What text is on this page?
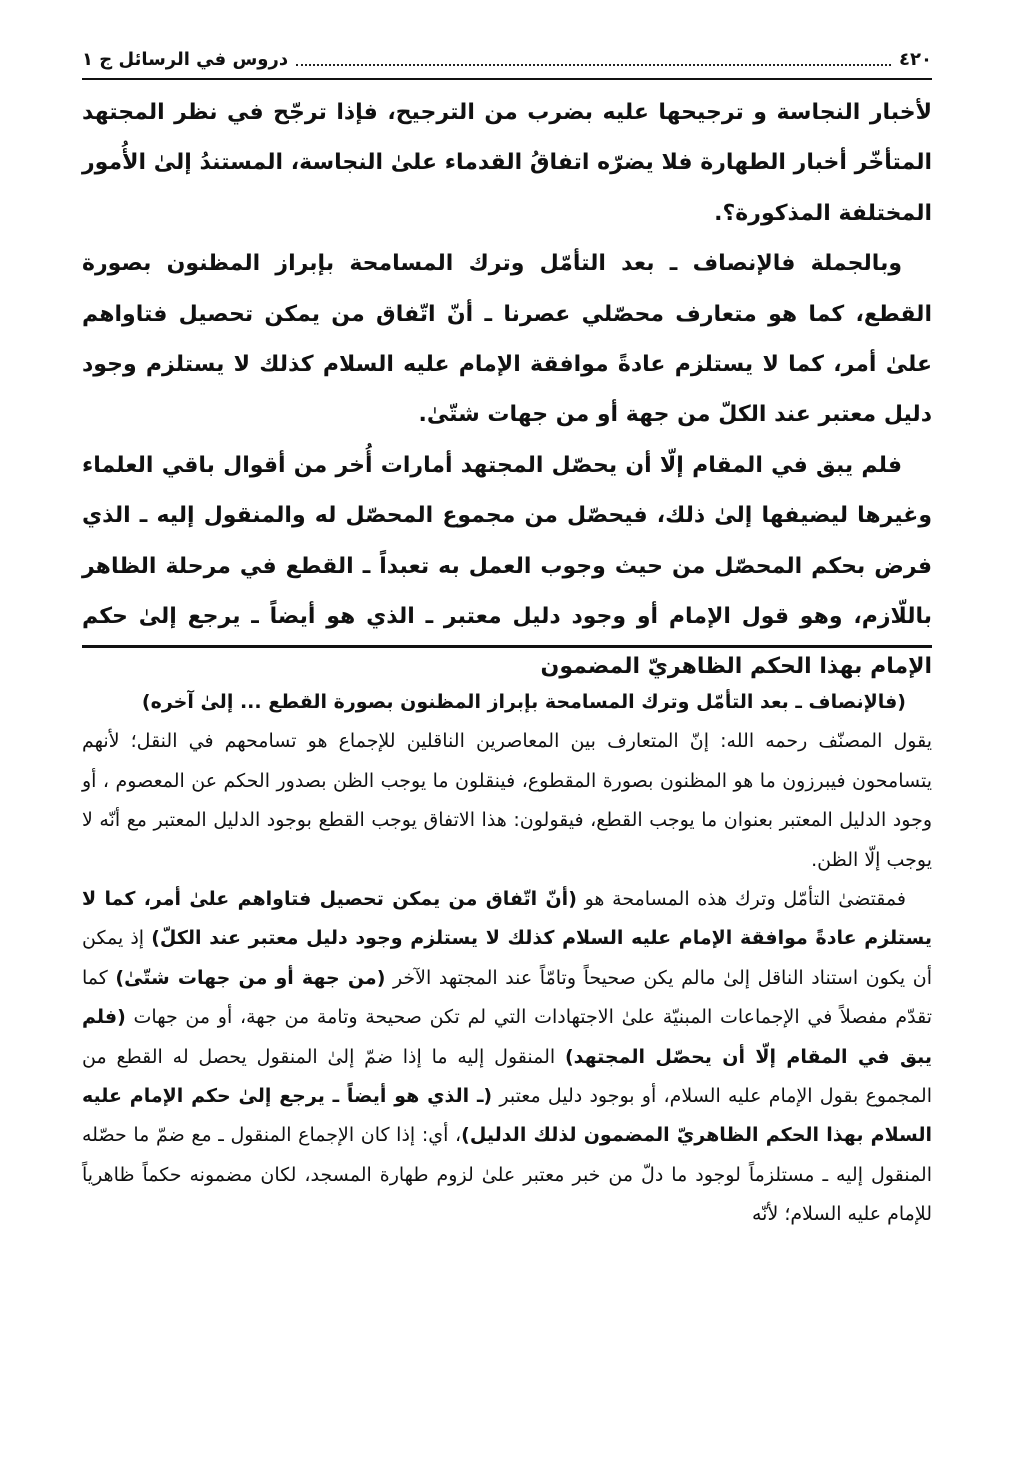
٤٢٠
دروس في الرسائل ج ١

لأخبار النجاسة و ترجيحها عليه بضرب من الترجيح، فإذا ترجّح في نظر المجتهد المتأخّر أخبار الطهارة فلا يضرّه اتفاقُ القدماء علىٰ النجاسة، المستندُ إلىٰ الأُمور المختلفة المذكورة؟.

وبالجملة فالإنصاف ـ بعد التأمّل وترك المسامحة بإبراز المظنون بصورة القطع، كما هو متعارف محصّلي عصرنا ـ أنّ اتّفاق من يمكن تحصيل فتاواهم علىٰ أمر، كما لا يستلزم عادةً موافقة الإمام عليه السلام كذلك لا يستلزم وجود دليل معتبر عند الكلّ من جهة أو من جهات شتّىٰ.

فلم يبق في المقام إلّا أن يحصّل المجتهد أمارات أُخر من أقوال باقي العلماء وغيرها ليضيفها إلىٰ ذلك، فيحصّل من مجموع المحصّل له والمنقول إليه ـ الذي فرض بحكم المحصّل من حيث وجوب العمل به تعبداً ـ القطع في مرحلة الظاهر باللّازم، وهو قول الإمام أو وجود دليل معتبر ـ الذي هو أيضاً ـ يرجع إلىٰ حكم الإمام بهذا الحكم الظاهريّ المضمون

(فالإنصاف ـ بعد التأمّل وترك المسامحة بإبراز المظنون بصورة القطع ... إلىٰ آخره)

يقول المصنّف رحمه الله: إنّ المتعارف بين المعاصرين الناقلين للإجماع هو تسامحهم في النقل؛ لأنهم يتسامحون فيبرزون ما هو المظنون بصورة المقطوع، فينقلون ما يوجب الظن بصدور الحكم عن المعصوم ، أو وجود الدليل المعتبر بعنوان ما يوجب القطع، فيقولون: هذا الاتفاق يوجب القطع بوجود الدليل المعتبر مع أنّه لا يوجب إلّا الظن.

فمقتضىٰ التأمّل وترك هذه المسامحة هو (أنّ اتّفاق من يمكن تحصيل فتاواهم علىٰ أمر، كما لا يستلزم عادةً موافقة الإمام عليه السلام كذلك لا يستلزم وجود دليل معتبر عند الكلّ) إذ يمكن أن يكون استناد الناقل إلىٰ مالم يكن صحيحاً وتامّاً عند المجتهد الآخر (من جهة أو من جهات شتّىٰ) كما تقدّم مفصلاً في الإجماعات المبنيّة علىٰ الاجتهادات التي لم تكن صحيحة وتامة من جهة، أو من جهات (فلم يبق في المقام إلّا أن يحصّل المجتهد) المنقول إليه ما إذا ضمّ إلىٰ المنقول يحصل له القطع من المجموع بقول الإمام عليه السلام، أو بوجود دليل معتبر (ـ الذي هو أيضاً ـ يرجع إلىٰ حكم الإمام عليه السلام بهذا الحكم الظاهريّ المضمون لذلك الدليل)، أي: إذا كان الإجماع المنقول ـ مع ضمّ ما حصّله المنقول إليه ـ مستلزماً لوجود ما دلّ من خبر معتبر علىٰ لزوم طهارة المسجد، لكان مضمونه حكماً ظاهرياً للإمام عليه السلام؛ لأنّه
